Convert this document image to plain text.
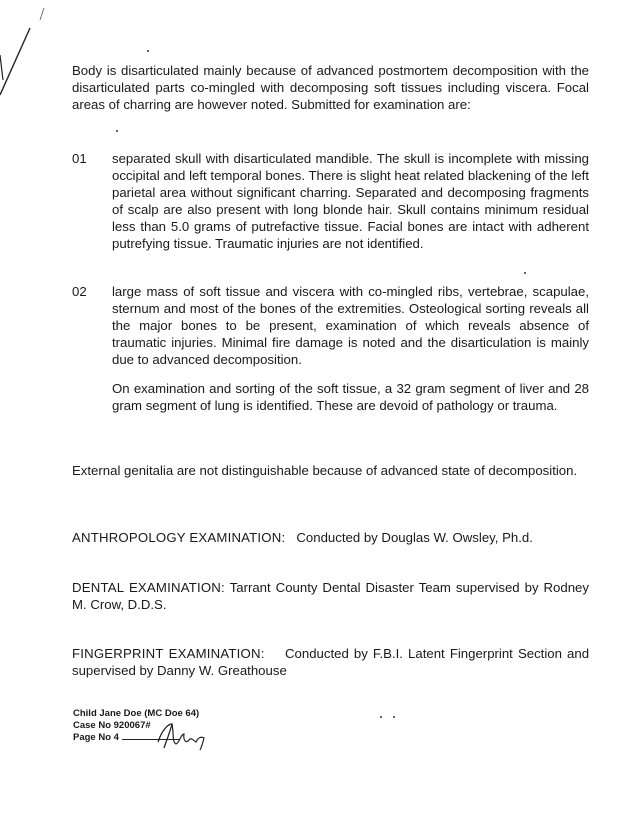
Body is disarticulated mainly because of advanced postmortem decomposition with the disarticulated parts co-mingled with decomposing soft tissues including viscera. Focal areas of charring are however noted. Submitted for examination are:

01 separated skull with disarticulated mandible. The skull is incomplete with missing occipital and left temporal bones. There is slight heat related blackening of the left parietal area without significant charring. Separated and decomposing fragments of scalp are also present with long blonde hair. Skull contains minimum residual less than 5.0 grams of putrefactive tissue. Facial bones are intact with adherent putrefying tissue. Traumatic injuries are not identified.

02 large mass of soft tissue and viscera with co-mingled ribs, vertebrae, scapulae, sternum and most of the bones of the extremities. Osteological sorting reveals all the major bones to be present, examination of which reveals absence of traumatic injuries. Minimal fire damage is noted and the disarticulation is mainly due to advanced decomposition.

On examination and sorting of the soft tissue, a 32 gram segment of liver and 28 gram segment of lung is identified. These are devoid of pathology or trauma.

External genitalia are not distinguishable because of advanced state of decomposition.

ANTHROPOLOGY EXAMINATION: Conducted by Douglas W. Owsley, Ph.d.
DENTAL EXAMINATION: Tarrant County Dental Disaster Team supervised by Rodney M. Crow, D.D.S.
FINGERPRINT EXAMINATION: Conducted by F.B.I. Latent Fingerprint Section and supervised by Danny W. Greathouse
Child Jane Doe (MC Doe 64)
Case No 920067#
Page No 4
